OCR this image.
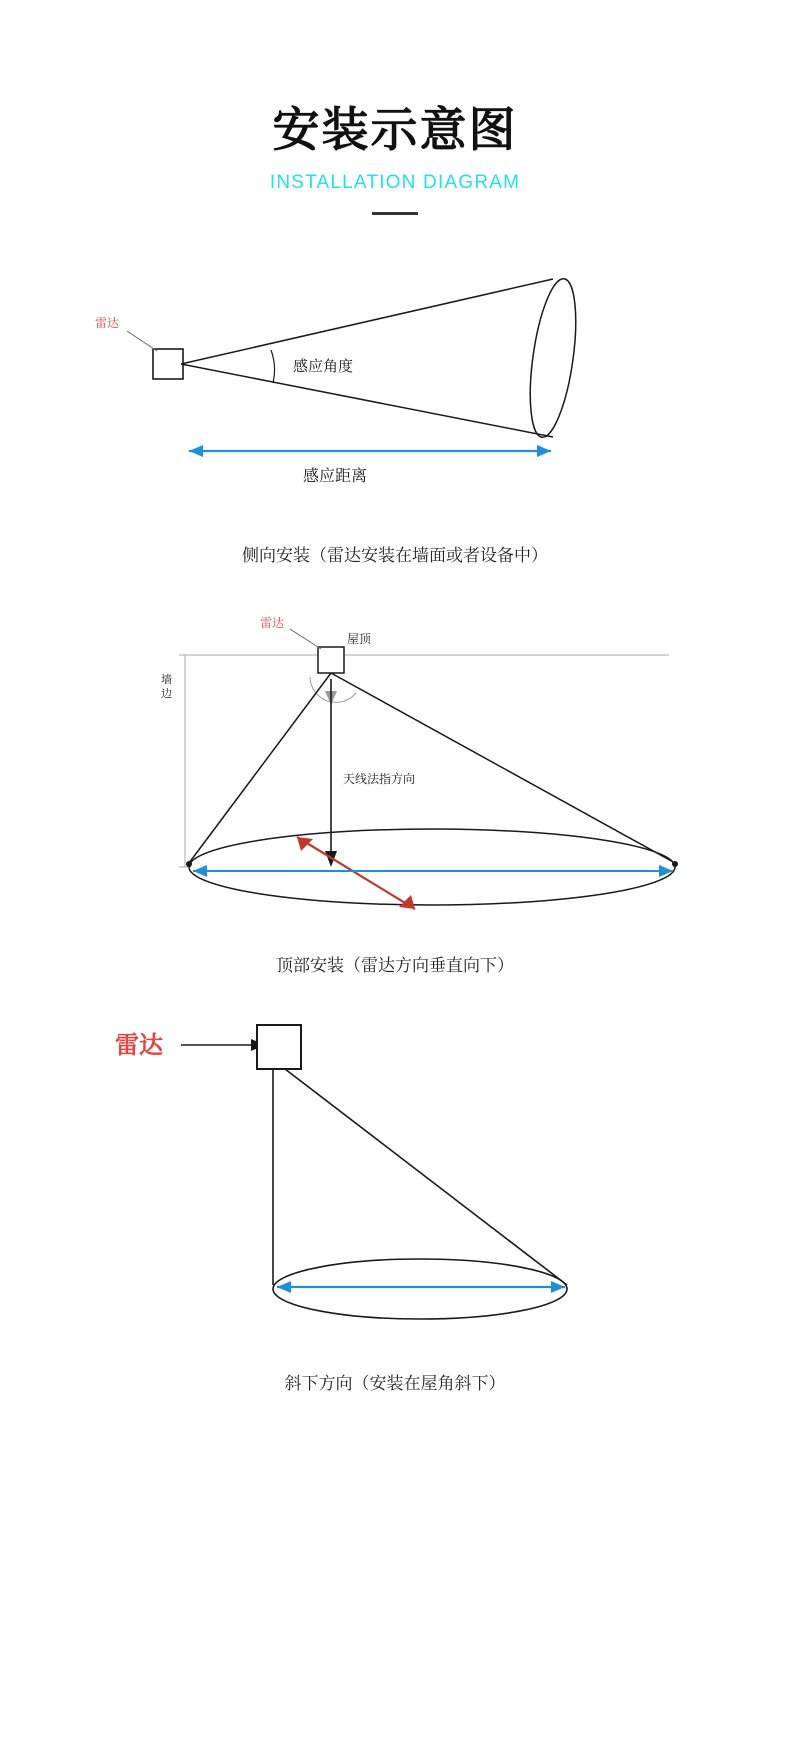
安装示意图
INSTALLATION DIAGRAM
雷达
感应角度
感应距离
侧向安装（雷达安装在墙面或者设备中）
墙
边
雷达
屋顶
天线法指方向
顶部安装（雷达方向垂直向下）
雷达
斜下方向（安装在屋角斜下）
